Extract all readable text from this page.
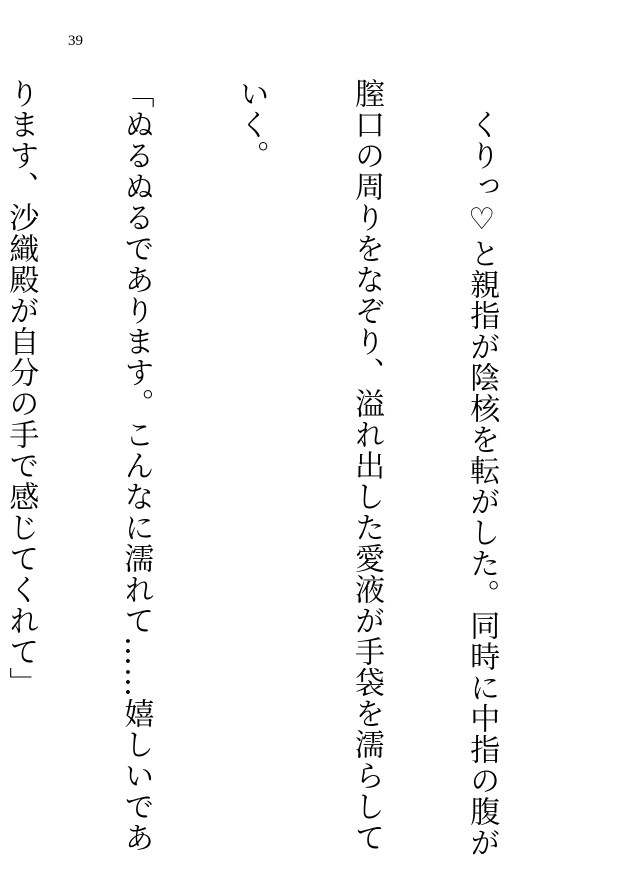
39

　くりっ♡と親指が陰核を転がした。同時に中指の腹が

膣口の周りをなぞり、溢れ出した愛液が手袋を濡らして

いく。

「ぬるぬるであります。こんなに濡れて……嬉しいであ

ります、沙織殿が自分の手で感じてくれて」
